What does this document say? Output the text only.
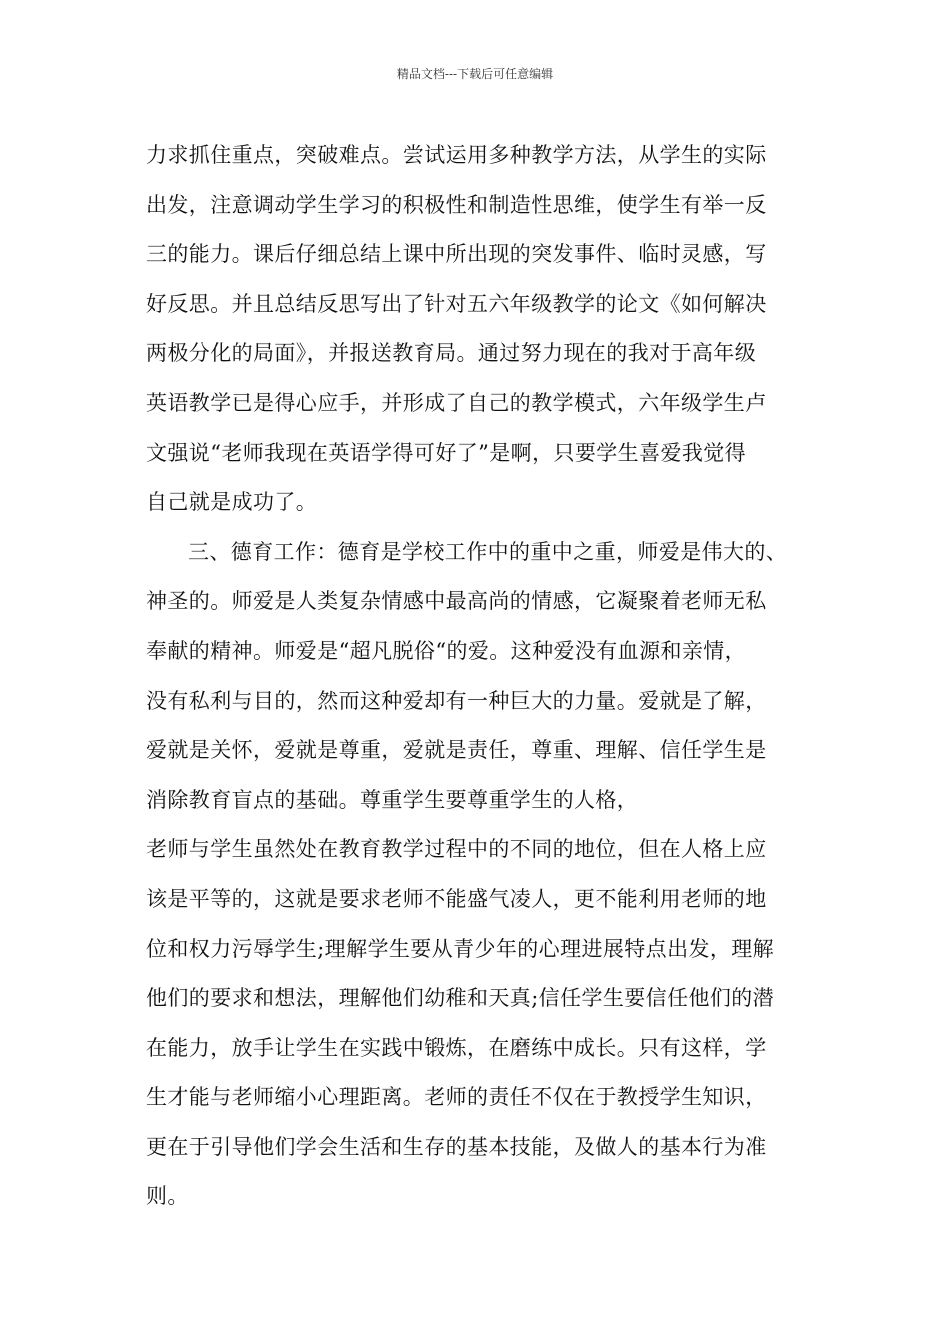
精品文档---下载后可任意编辑
力求抓住重点，突破难点。尝试运用多种教学方法，从学生的实际
出发，注意调动学生学习的积极性和制造性思维，使学生有举一反
三的能力。课后仔细总结上课中所出现的突发事件、临时灵感，写
好反思。并且总结反思写出了针对五六年级教学的论文《如何解决
两极分化的局面》，并报送教育局。通过努力现在的我对于高年级
英语教学已是得心应手，并形成了自己的教学模式，六年级学生卢
文强说“老师我现在英语学得可好了”是啊，只要学生喜爱我觉得
自己就是成功了。
三、德育工作：德育是学校工作中的重中之重，师爱是伟大的、
神圣的。师爱是人类复杂情感中最高尚的情感，它凝聚着老师无私
奉献的精神。师爱是“超凡脱俗“的爱。这种爱没有血源和亲情，
没有私利与目的，然而这种爱却有一种巨大的力量。爱就是了解，
爱就是关怀，爱就是尊重，爱就是责任，尊重、理解、信任学生是
消除教育盲点的基础。尊重学生要尊重学生的人格，
老师与学生虽然处在教育教学过程中的不同的地位，但在人格上应
该是平等的，这就是要求老师不能盛气凌人，更不能利用老师的地
位和权力污辱学生;理解学生要从青少年的心理进展特点出发，理解
他们的要求和想法，理解他们幼稚和天真;信任学生要信任他们的潜
在能力，放手让学生在实践中锻炼，在磨练中成长。只有这样，学
生才能与老师缩小心理距离。老师的责任不仅在于教授学生知识，
更在于引导他们学会生活和生存的基本技能，及做人的基本行为准
则。
